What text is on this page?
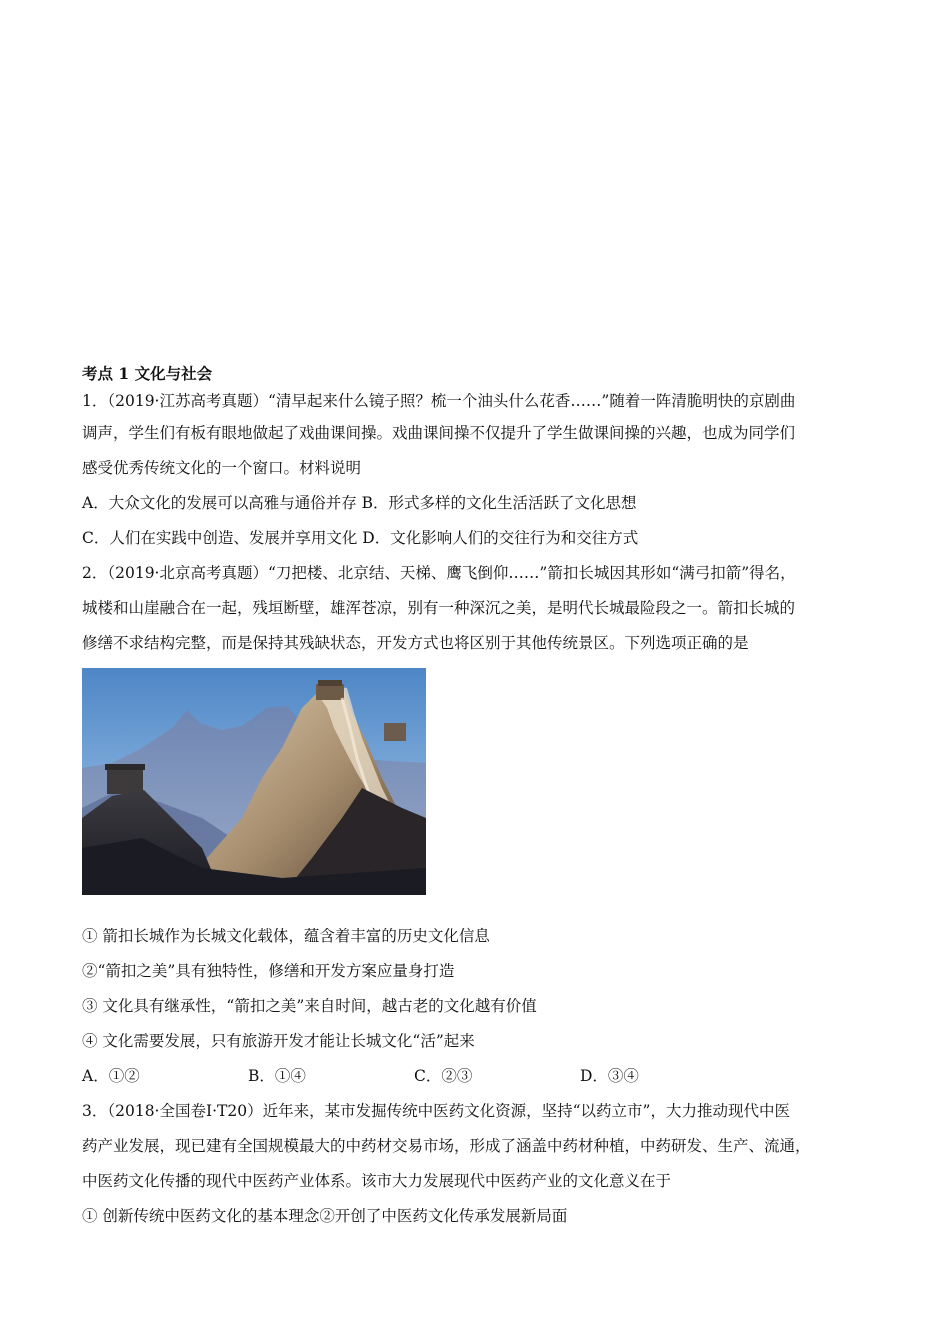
考点 1 文化与社会

1．（2019·江苏高考真题）“清早起来什么镜子照？梳一个油头什么花香……”随着一阵清脆明快的京剧曲

调声，学生们有板有眼地做起了戏曲课间操。戏曲课间操不仅提升了学生做课间操的兴趣，也成为同学们

感受优秀传统文化的一个窗口。材料说明

A．大众文化的发展可以高雅与通俗并存 B．形式多样的文化生活活跃了文化思想

C．人们在实践中创造、发展并享用文化 D．文化影响人们的交往行为和交往方式

2．（2019·北京高考真题）“刀把楼、北京结、天梯、鹰飞倒仰……”箭扣长城因其形如“满弓扣箭”得名，

城楼和山崖融合在一起，残垣断壁，雄浑苍凉，别有一种深沉之美，是明代长城最险段之一。箭扣长城的

修缮不求结构完整，而是保持其残缺状态，开发方式也将区别于其他传统景区。下列选项正确的是

① 箭扣长城作为长城文化载体，蕴含着丰富的历史文化信息

②“箭扣之美”具有独特性，修缮和开发方案应量身打造

③ 文化具有继承性，“箭扣之美”来自时间，越古老的文化越有价值

④ 文化需要发展，只有旅游开发才能让长城文化“活”起来

A．①②	B．①④	C．②③	D．③④

3．（2018·全国卷Ⅰ·T20）近年来，某市发掘传统中医药文化资源，坚持“以药立市”，大力推动现代中医

药产业发展，现已建有全国规模最大的中药材交易市场，形成了涵盖中药材种植，中药研发、生产、流通，

中医药文化传播的现代中医药产业体系。该市大力发展现代中医药产业的文化意义在于

① 创新传统中医药文化的基本理念②开创了中医药文化传承发展新局面
